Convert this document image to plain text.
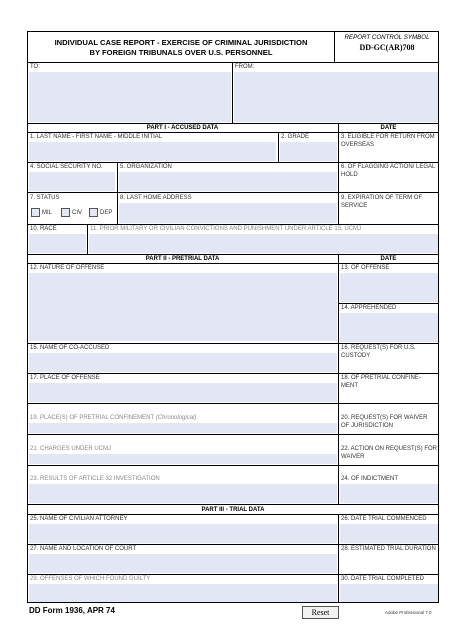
INDIVIDUAL CASE REPORT - EXERCISE OF CRIMINAL JURISDICTION
BY FOREIGN TRIBUNALS OVER U.S. PERSONNEL
REPORT CONTROL SYMBOL
DD-GC(AR)708
TO:	FROM:
PART I - ACCUSED DATA	DATE
1. LAST NAME - FIRST NAME - MIDDLE INITIAL	2. GRADE	3. ELIGIBLE FOR RETURN FROM OVERSEAS
4. SOCIAL SECURITY NO.	5. ORGANIZATION	6. OF FLAGGING ACTION/ LEGAL HOLD
7. STATUS
MIL	CIV	DEP
8. LAST HOME ADDRESS	9. EXPIRATION OF TERM OF SERVICE
10. RACE	11. PRIOR MILITARY OR CIVILIAN CONVICTIONS AND PUNISHMENT UNDER ARTICLE 15, UCMJ
PART II - PRETRIAL DATA	DATE
12. NATURE OF OFFENSE	13. OF OFFENSE
14. APPREHENDED
15. NAME OF CO-ACCUSED	16. REQUEST(S) FOR U.S. CUSTODY
17. PLACE OF OFFENSE	18. OF PRETRIAL CONFINE- MENT
19. PLACE(S) OF PRETRIAL CONFINEMENT (Chronological)	20. REQUEST(S) FOR WAIVER OF JURISDICTION
21. CHARGES UNDER UCMJ	22. ACTION ON REQUEST(S) FOR WAIVER
23. RESULTS OF ARTICLE 32 INVESTIGATION	24. OF INDICTMENT
PART III - TRIAL DATA
25. NAME OF CIVILIAN ATTORNEY	26. DATE TRIAL COMMENCED
27. NAME AND LOCATION OF COURT	28. ESTIMATED TRIAL DURATION
29. OFFENSES OF WHICH FOUND GUILTY	30. DATE TRIAL COMPLETED
DD Form 1936, APR 74	Reset	Adobe Professional 7.0
